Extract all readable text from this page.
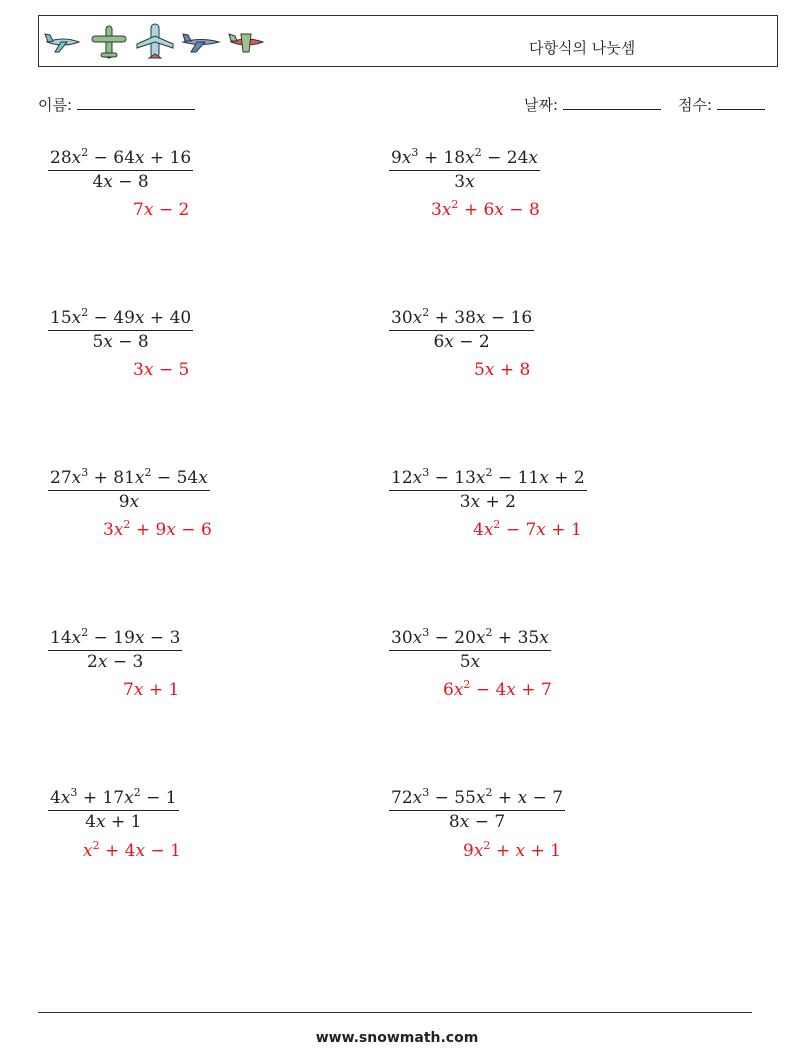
다항식의 나눗셈
이름:	날짜:	점수:
$\frac{28x^2 - 64x + 16}{4x - 8}$
7x − 2
$\frac{9x^3 + 18x^2 - 24x}{3x}$
$3x^2 + 6x - 8$
$\frac{15x^2 - 49x + 40}{5x - 8}$
3x − 5
$\frac{30x^2 + 38x - 16}{6x - 2}$
5x + 8
$\frac{27x^3 + 81x^2 - 54x}{9x}$
$3x^2 + 9x - 6$
$\frac{12x^3 - 13x^2 - 11x + 2}{3x + 2}$
$4x^2 - 7x + 1$
$\frac{14x^2 - 19x - 3}{2x - 3}$
7x + 1
$\frac{30x^3 - 20x^2 + 35x}{5x}$
$6x^2 - 4x + 7$
$\frac{4x^3 + 17x^2 - 1}{4x + 1}$
$x^2 + 4x - 1$
$\frac{72x^3 - 55x^2 + x - 7}{8x - 7}$
$9x^2 + x + 1$
www.snowmath.com
